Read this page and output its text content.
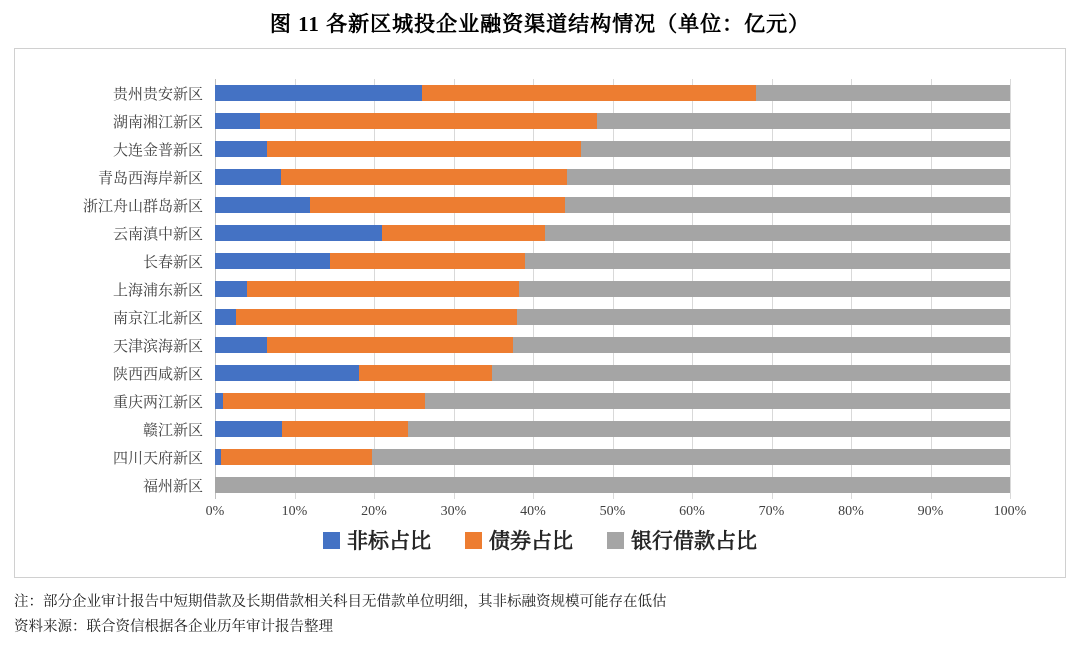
图 11 各新区城投企业融资渠道结构情况（单位：亿元）
贵州贵安新区
湖南湘江新区
大连金普新区
青岛西海岸新区
浙江舟山群岛新区
云南滇中新区
长春新区
上海浦东新区
南京江北新区
天津滨海新区
陕西西咸新区
重庆两江新区
赣江新区
四川天府新区
福州新区
0%	10%	20%	30%	40%	50%	60%	70%	80%	90%	100%
非标占比	债券占比	银行借款占比
注：部分企业审计报告中短期借款及长期借款相关科目无借款单位明细，其非标融资规模可能存在低估
资料来源：联合资信根据各企业历年审计报告整理
